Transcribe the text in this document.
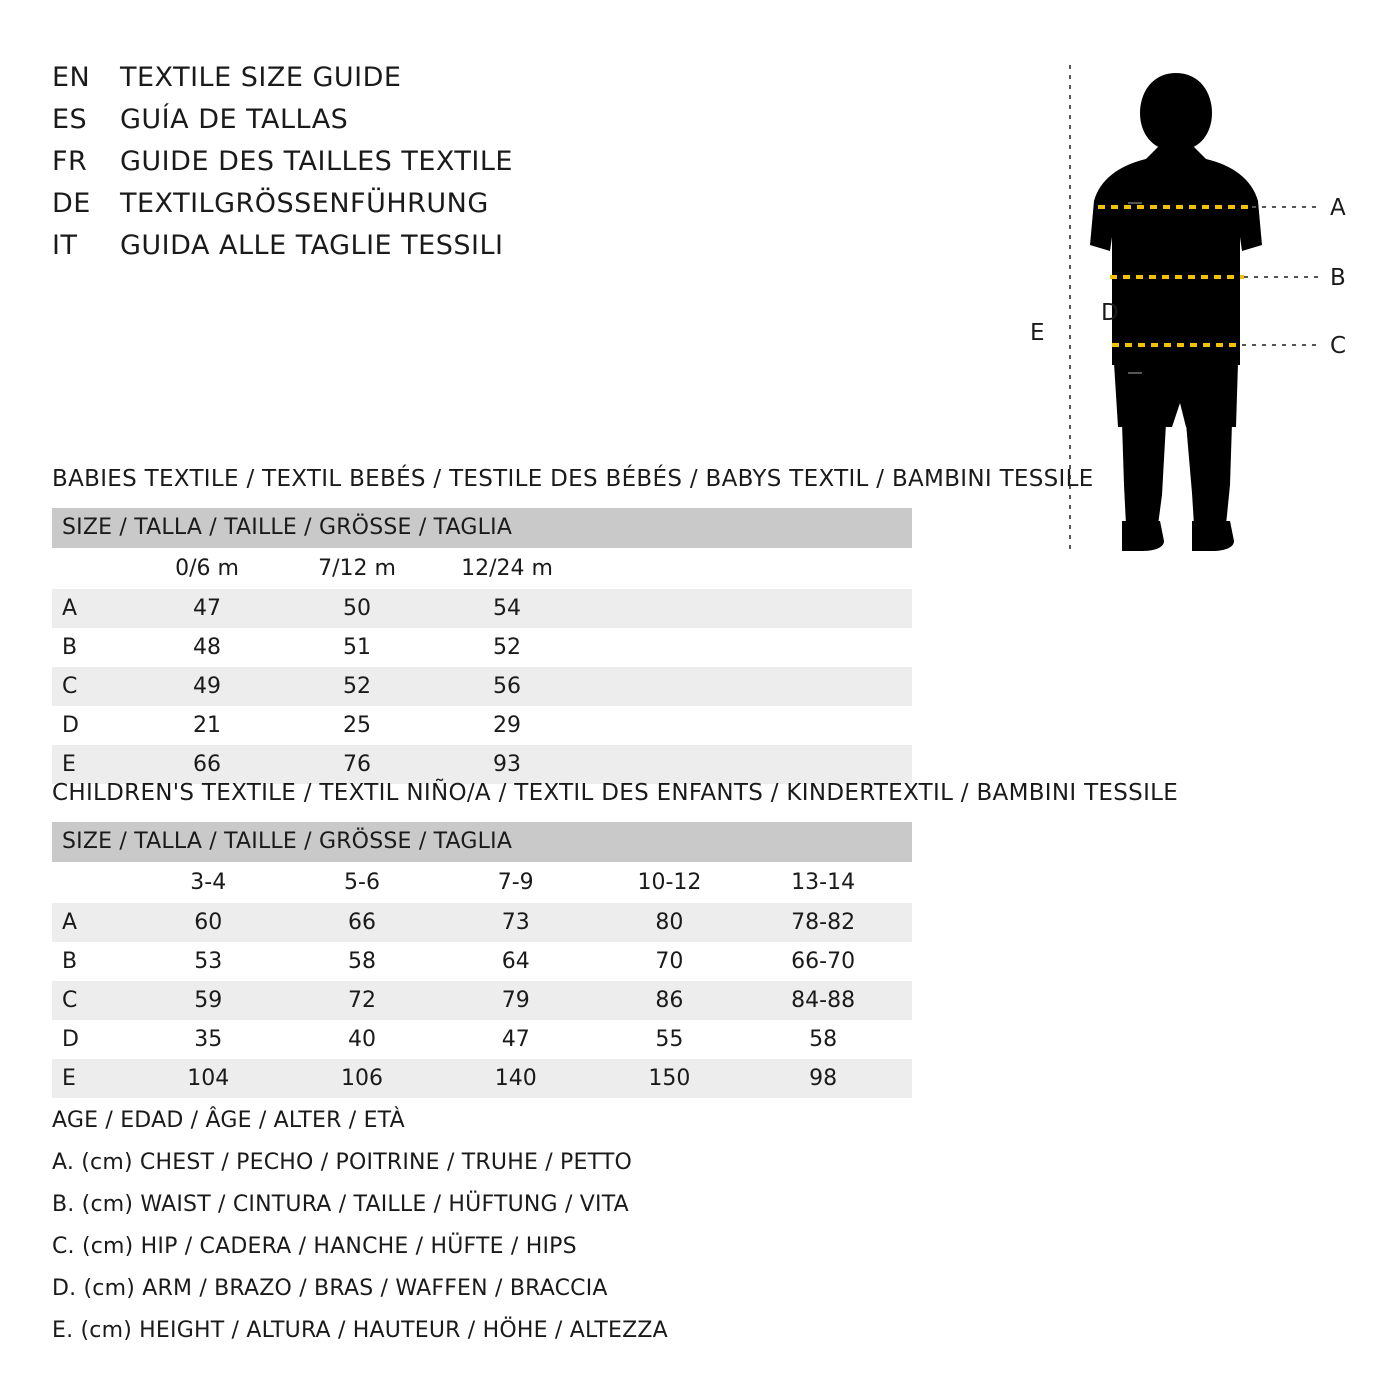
EN	TEXTILE SIZE GUIDE
ES	GUÍA DE TALLAS
FR	GUIDE DES TAILLES TEXTILE
DE	TEXTILGRÖSSENFÜHRUNG
IT	GUIDA ALLE TAGLIE TESSILI
A
B
C
D
E
BABIES TEXTILE / TEXTIL BEBÉS / TESTILE DES BÉBÉS / BABYS TEXTIL / BAMBINI TESSILE
SIZE / TALLA / TAILLE / GRÖSSE / TAGLIA				
	0/6 m	7/12 m	12/24 m	
A	47	50	54	
B	48	51	52	
C	49	52	56	
D	21	25	29	
E	66	76	93	
CHILDREN'S TEXTILE / TEXTIL NIÑO/A / TEXTIL DES ENFANTS / KINDERTEXTIL / BAMBINI TESSILE
SIZE / TALLA / TAILLE / GRÖSSE / TAGLIA						
	3-4	5-6	7-9	10-12	13-14	
A	60	66	73	80	78-82	
B	53	58	64	70	66-70	
C	59	72	79	86	84-88	
D	35	40	47	55	58	
E	104	106	140	150	98	
AGE / EDAD / ÂGE / ALTER / ETÀ
A. (cm) CHEST / PECHO / POITRINE / TRUHE / PETTO
B. (cm) WAIST / CINTURA / TAILLE / HÜFTUNG / VITA
C. (cm) HIP / CADERA / HANCHE / HÜFTE / HIPS
D. (cm) ARM / BRAZO / BRAS / WAFFEN / BRACCIA
E. (cm) HEIGHT / ALTURA / HAUTEUR / HÖHE / ALTEZZA
